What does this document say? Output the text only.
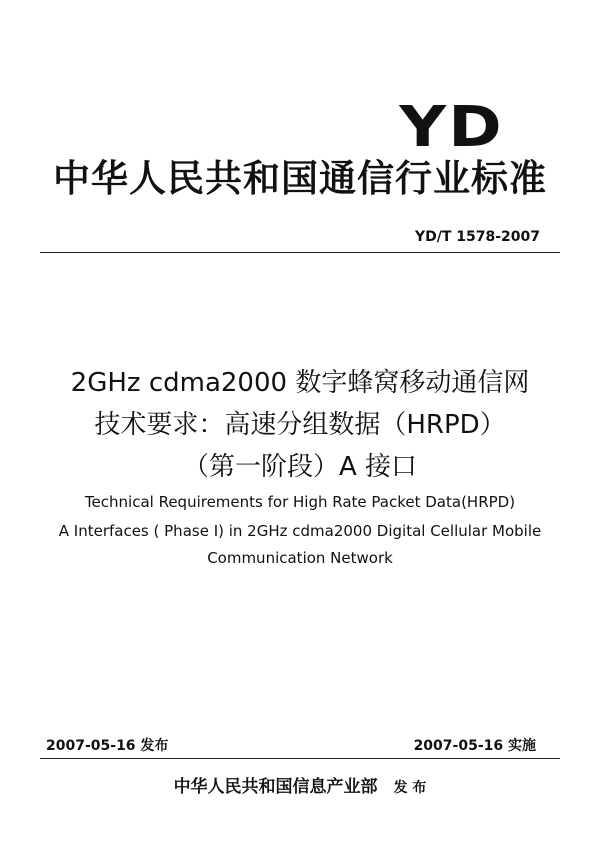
YD
中华人民共和国通信行业标准
YD/T 1578-2007
2GHz cdma2000 数字蜂窝移动通信网
技术要求：高速分组数据（HRPD）
（第一阶段）A 接口
Technical Requirements for High Rate Packet Data(HRPD)
A Interfaces ( Phase Ⅰ) in 2GHz cdma2000 Digital Cellular Mobile
Communication Network
2007-05-16 发布	2007-05-16 实施
中华人民共和国信息产业部 发 布
